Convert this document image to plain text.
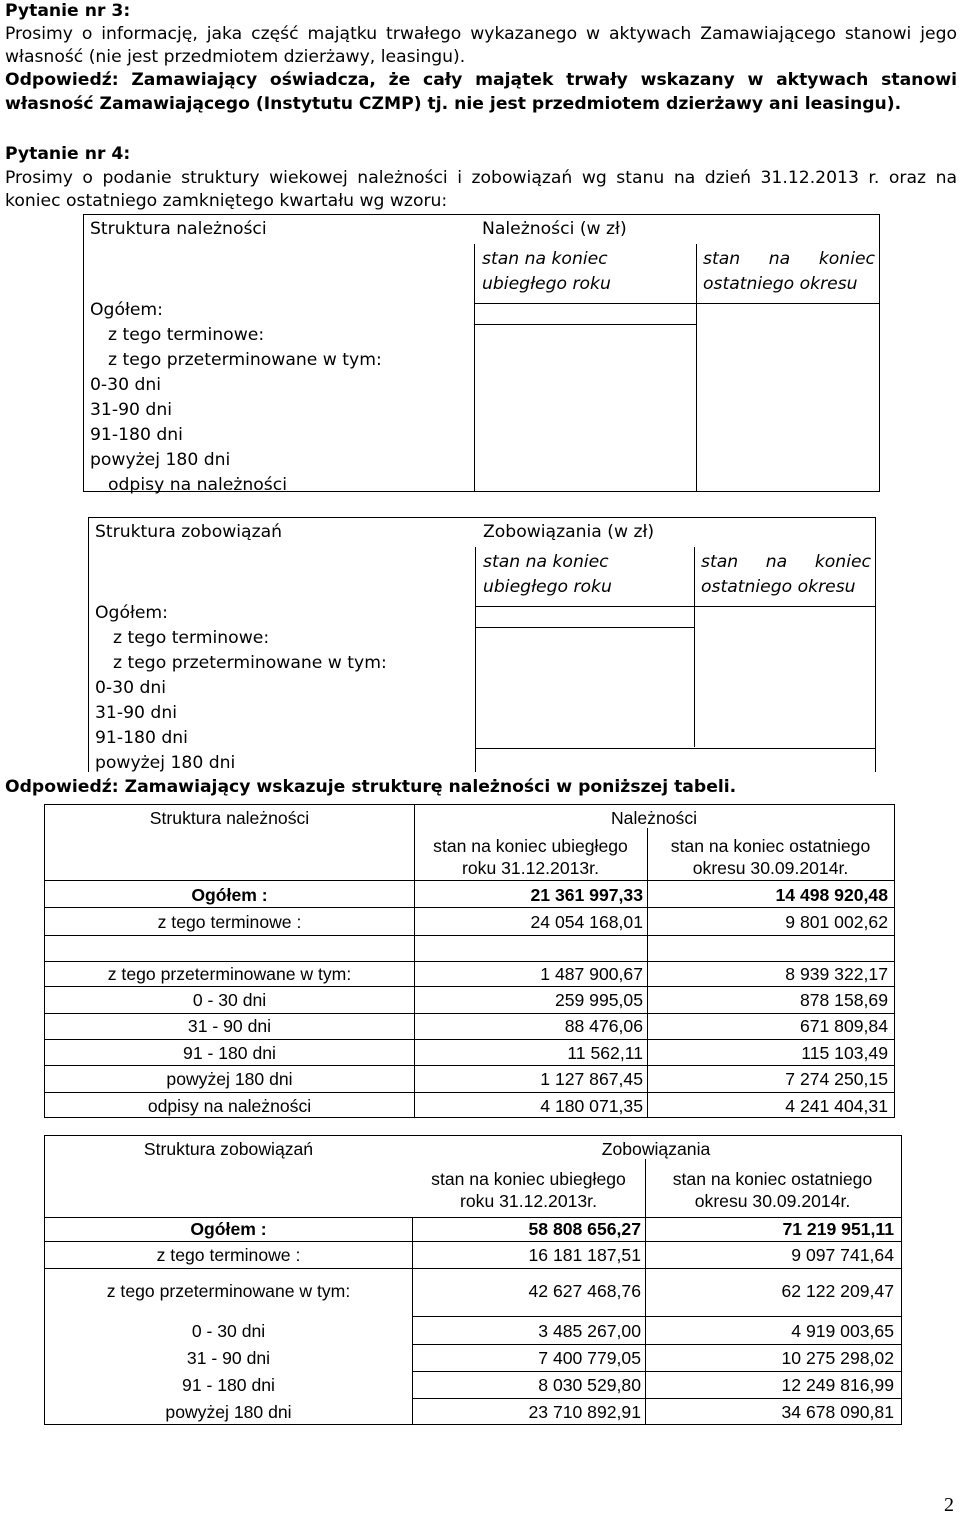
Pytanie nr 3:
Prosimy o informację, jaka część majątku trwałego wykazanego w aktywach Zamawiającego stanowi jego
własność (nie jest przedmiotem dzierżawy, leasingu).
Odpowiedź: Zamawiający oświadcza, że cały majątek trwały wskazany w aktywach stanowi
własność Zamawiającego (Instytutu CZMP) tj. nie jest przedmiotem dzierżawy ani leasingu).
Pytanie nr 4:
Prosimy o podanie struktury wiekowej należności i zobowiązań wg stanu na dzień 31.12.2013 r. oraz na
koniec ostatniego zamkniętego kwartału wg wzoru:
Struktura należności	Należności (w zł)
Ogółem:
z tego terminowe:
z tego przeterminowane w tym:
0-30 dni
31-90 dni
91-180 dni
powyżej 180 dni
odpisy na należności
stan na koniec
ubiegłego roku
stan na koniec
ostatniego okresu
Struktura zobowiązań	Zobowiązania (w zł)
Ogółem:
z tego terminowe:
z tego przeterminowane w tym:
0-30 dni
31-90 dni
91-180 dni
powyżej 180 dni
stan na koniec
ubiegłego roku
stan na koniec
ostatniego okresu
Odpowiedź: Zamawiający wskazuje strukturę należności w poniższej tabeli.
Struktura należności	Należności
stan na koniec ubiegłego
roku 31.12.2013r.
stan na koniec ostatniego
okresu 30.09.2014r.
Ogółem :	21 361 997,33	14 498 920,48
z tego terminowe :	24 054 168,01	9 801 002,62
z tego przeterminowane w tym:	1 487 900,67	8 939 322,17
0 - 30 dni	259 995,05	878 158,69
31 - 90 dni	88 476,06	671 809,84
91 - 180 dni	11 562,11	115 103,49
powyżej 180 dni	1 127 867,45	7 274 250,15
odpisy na należności	4 180 071,35	4 241 404,31
Struktura zobowiązań	Zobowiązania
stan na koniec ubiegłego
roku 31.12.2013r.
stan na koniec ostatniego
okresu 30.09.2014r.
Ogółem :	58 808 656,27	71 219 951,11
z tego terminowe :	16 181 187,51	9 097 741,64
z tego przeterminowane w tym:	42 627 468,76	62 122 209,47
0 - 30 dni	3 485 267,00	4 919 003,65
31 - 90 dni	7 400 779,05	10 275 298,02
91 - 180 dni	8 030 529,80	12 249 816,99
powyżej 180 dni	23 710 892,91	34 678 090,81
2
